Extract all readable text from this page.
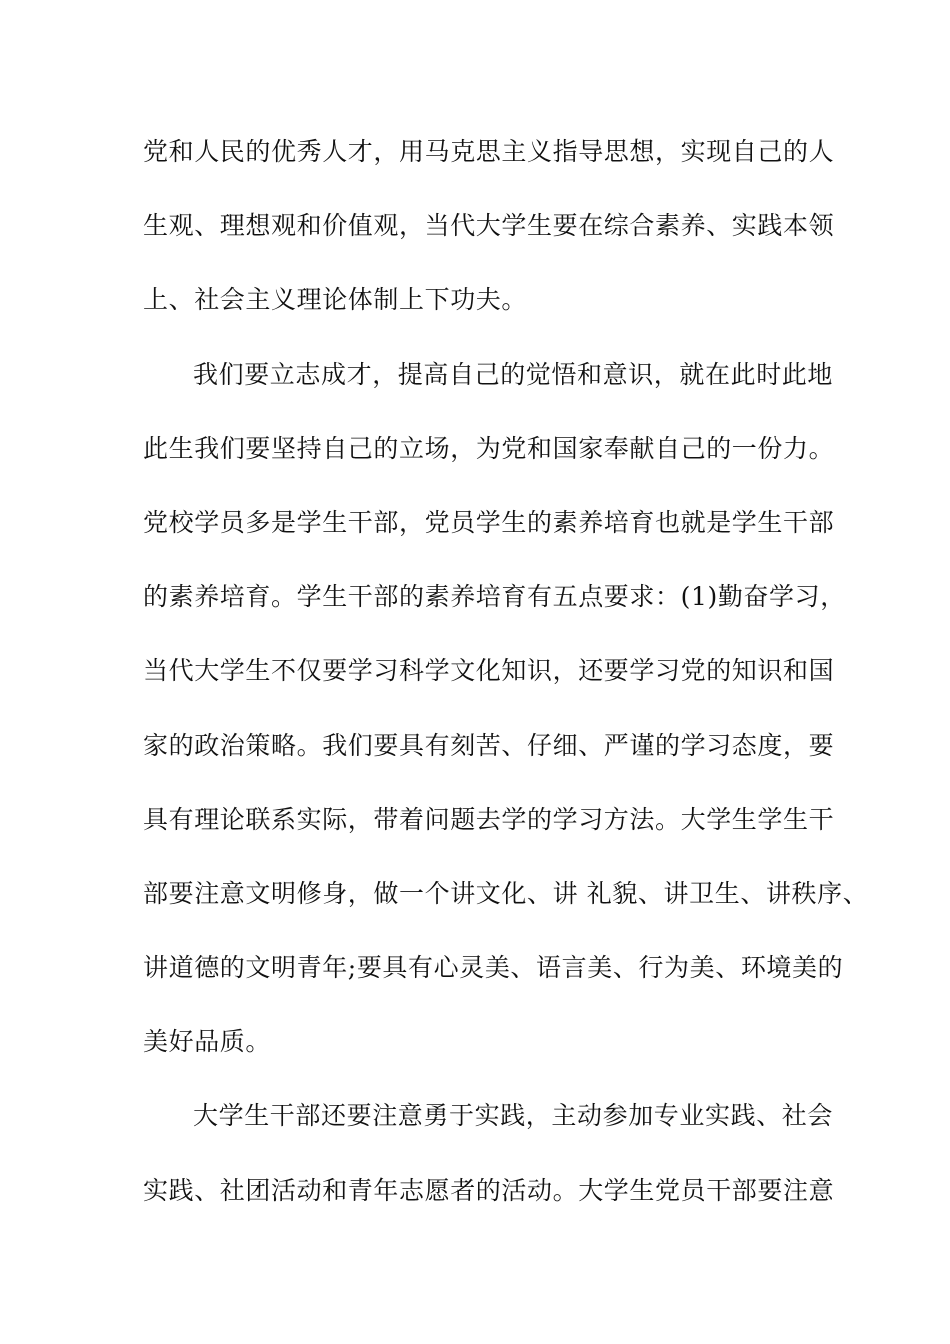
党和人民的优秀人才，用马克思主义指导思想，实现自己的人
生观、理想观和价值观，当代大学生要在综合素养、实践本领
上、社会主义理论体制上下功夫。
我们要立志成才，提高自己的觉悟和意识，就在此时此地
此生我们要坚持自己的立场，为党和国家奉献自己的一份力。
党校学员多是学生干部，党员学生的素养培育也就是学生干部
的素养培育。学生干部的素养培育有五点要求：(1)勤奋学习，
当代大学生不仅要学习科学文化知识，还要学习党的知识和国
家的政治策略。我们要具有刻苦、仔细、严谨的学习态度，要
具有理论联系实际，带着问题去学的学习方法。大学生学生干
部要注意文明修身，做一个讲文化、讲 礼貌、讲卫生、讲秩序、
讲道德的文明青年;要具有心灵美、语言美、行为美、环境美的
美好品质。
大学生干部还要注意勇于实践，主动参加专业实践、社会
实践、社团活动和青年志愿者的活动。大学生党员干部要注意
